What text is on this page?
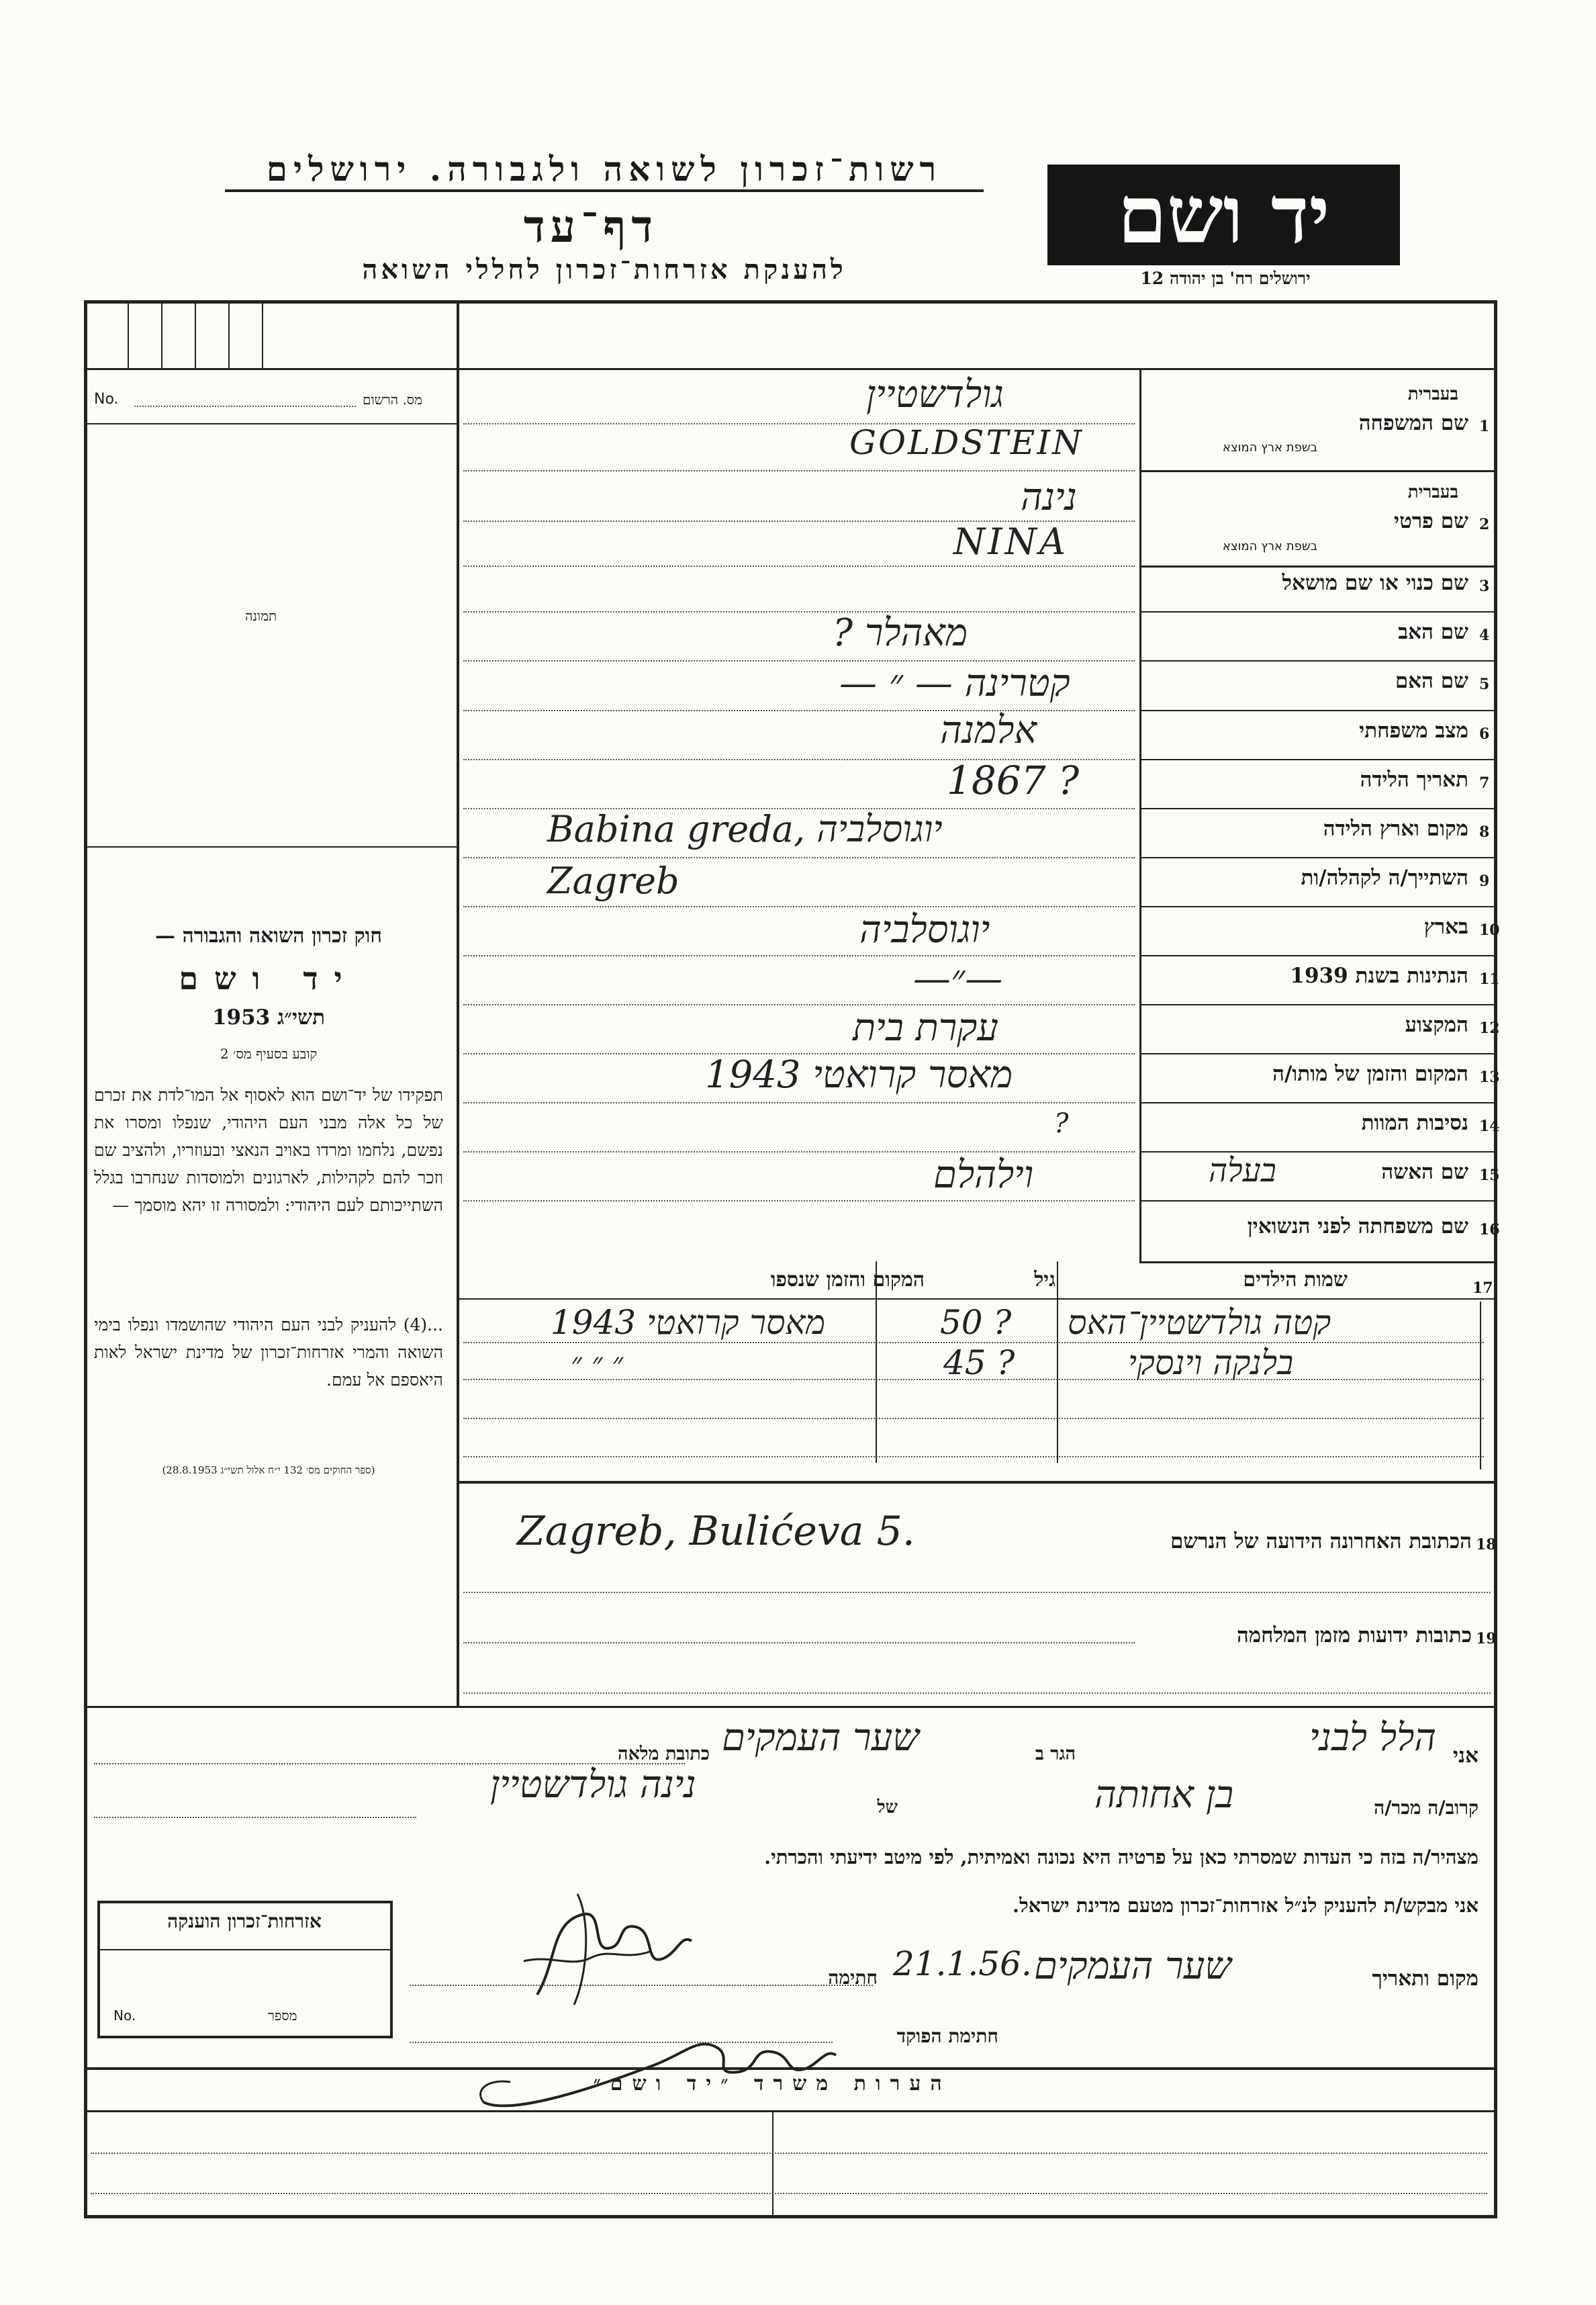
רשות־זכרון לשואה ולגבורה. ירושלים
דף־עד
להענקת אזרחות־זכרון לחללי השואה
יד ושם
ירושלים רח' בן יהודה 12
No.	מס. הרשום
תמונה
חוק זכרון השואה והגבורה —
יד ושם
תשי״ג 1953
קובע בסעיף מס׳ 2
תפקידו של יד־ושם הוא לאסוף אל המו־לדת את זכרם של כל אלה מבני העם היהודי, שנפלו ומסרו את נפשם, נלחמו ומרדו באויב הנאצי ובעוזריו, ולהציב שם וזכר להם לקהילות, לארגונים ולמוסדות שנחרבו בגלל השתייכותם לעם היהודי: ולמסורה זו יהא מוסמך —
...(4) להעניק לבני העם היהודי שהושמדו ונפלו בימי השואה והמרי אזרחות־זכרון של מדינת ישראל לאות היאספם אל עמם.
(ספר החוקים מס׳ 132 י״ח אלול תשי״ג 28.8.1953)
1
שם המשפחה
בעברית
בשפת ארץ המוצא
גולדשטיין
GOLDSTEIN
2
שם פרטי
בעברית
בשפת ארץ המוצא
נינה
NINA
3
שם כנוי או שם מושאל
4
שם האב
מאהלר ?
5
שם האם
קטרינה — ״ —
6
מצב משפחתי
אלמנה
7
תאריך הלידה
1867 ?
8
מקום וארץ הלידה
Babina greda, יוגוסלביה
9
השתייך/ה לקהלה/ות
Zagreb
10
בארץ
יוגוסלביה
11
הנתינות בשנת 1939
—״—
12
המקצוע
עקרת בית
13
המקום והזמן של מותו/ה
מאסר קרואטי 1943
14
נסיבות המוות
?
15
שם האשה
בעלה
וילהלם
16
שם משפחתה לפני הנשואין
17
שמות הילדים
גיל
המקום והזמן שנספו
קטה גולדשטיין־האס
50 ?
מאסר קרואטי 1943
בלנקה וינסקי
45 ?
״ ״ ״
18
הכתובת האחרונה הידועה של הנרשם
Zagreb, Bulićeva 5.
19
כתובות ידועות מזמן המלחמה
אני
הלל לבני
הגר ב
שער העמקים
כתובת מלאה
קרוב/ה מכר/ה
בן אחותה
של
נינה גולדשטיין
מצהיר/ה בזה כי העדות שמסרתי כאן על פרטיה היא נכונה ואמיתית, לפי מיטב ידיעתי והכרתי.
אני מבקש/ת להעניק לנ״ל אזרחות־זכרון מטעם מדינת ישראל.
מקום ותאריך
שער העמקים
21.1.56.
חתימה
חתימת הפוקד
אזרחות־זכרון הוענקה
No.	מספר
הערות משרד ״יד ושם״
